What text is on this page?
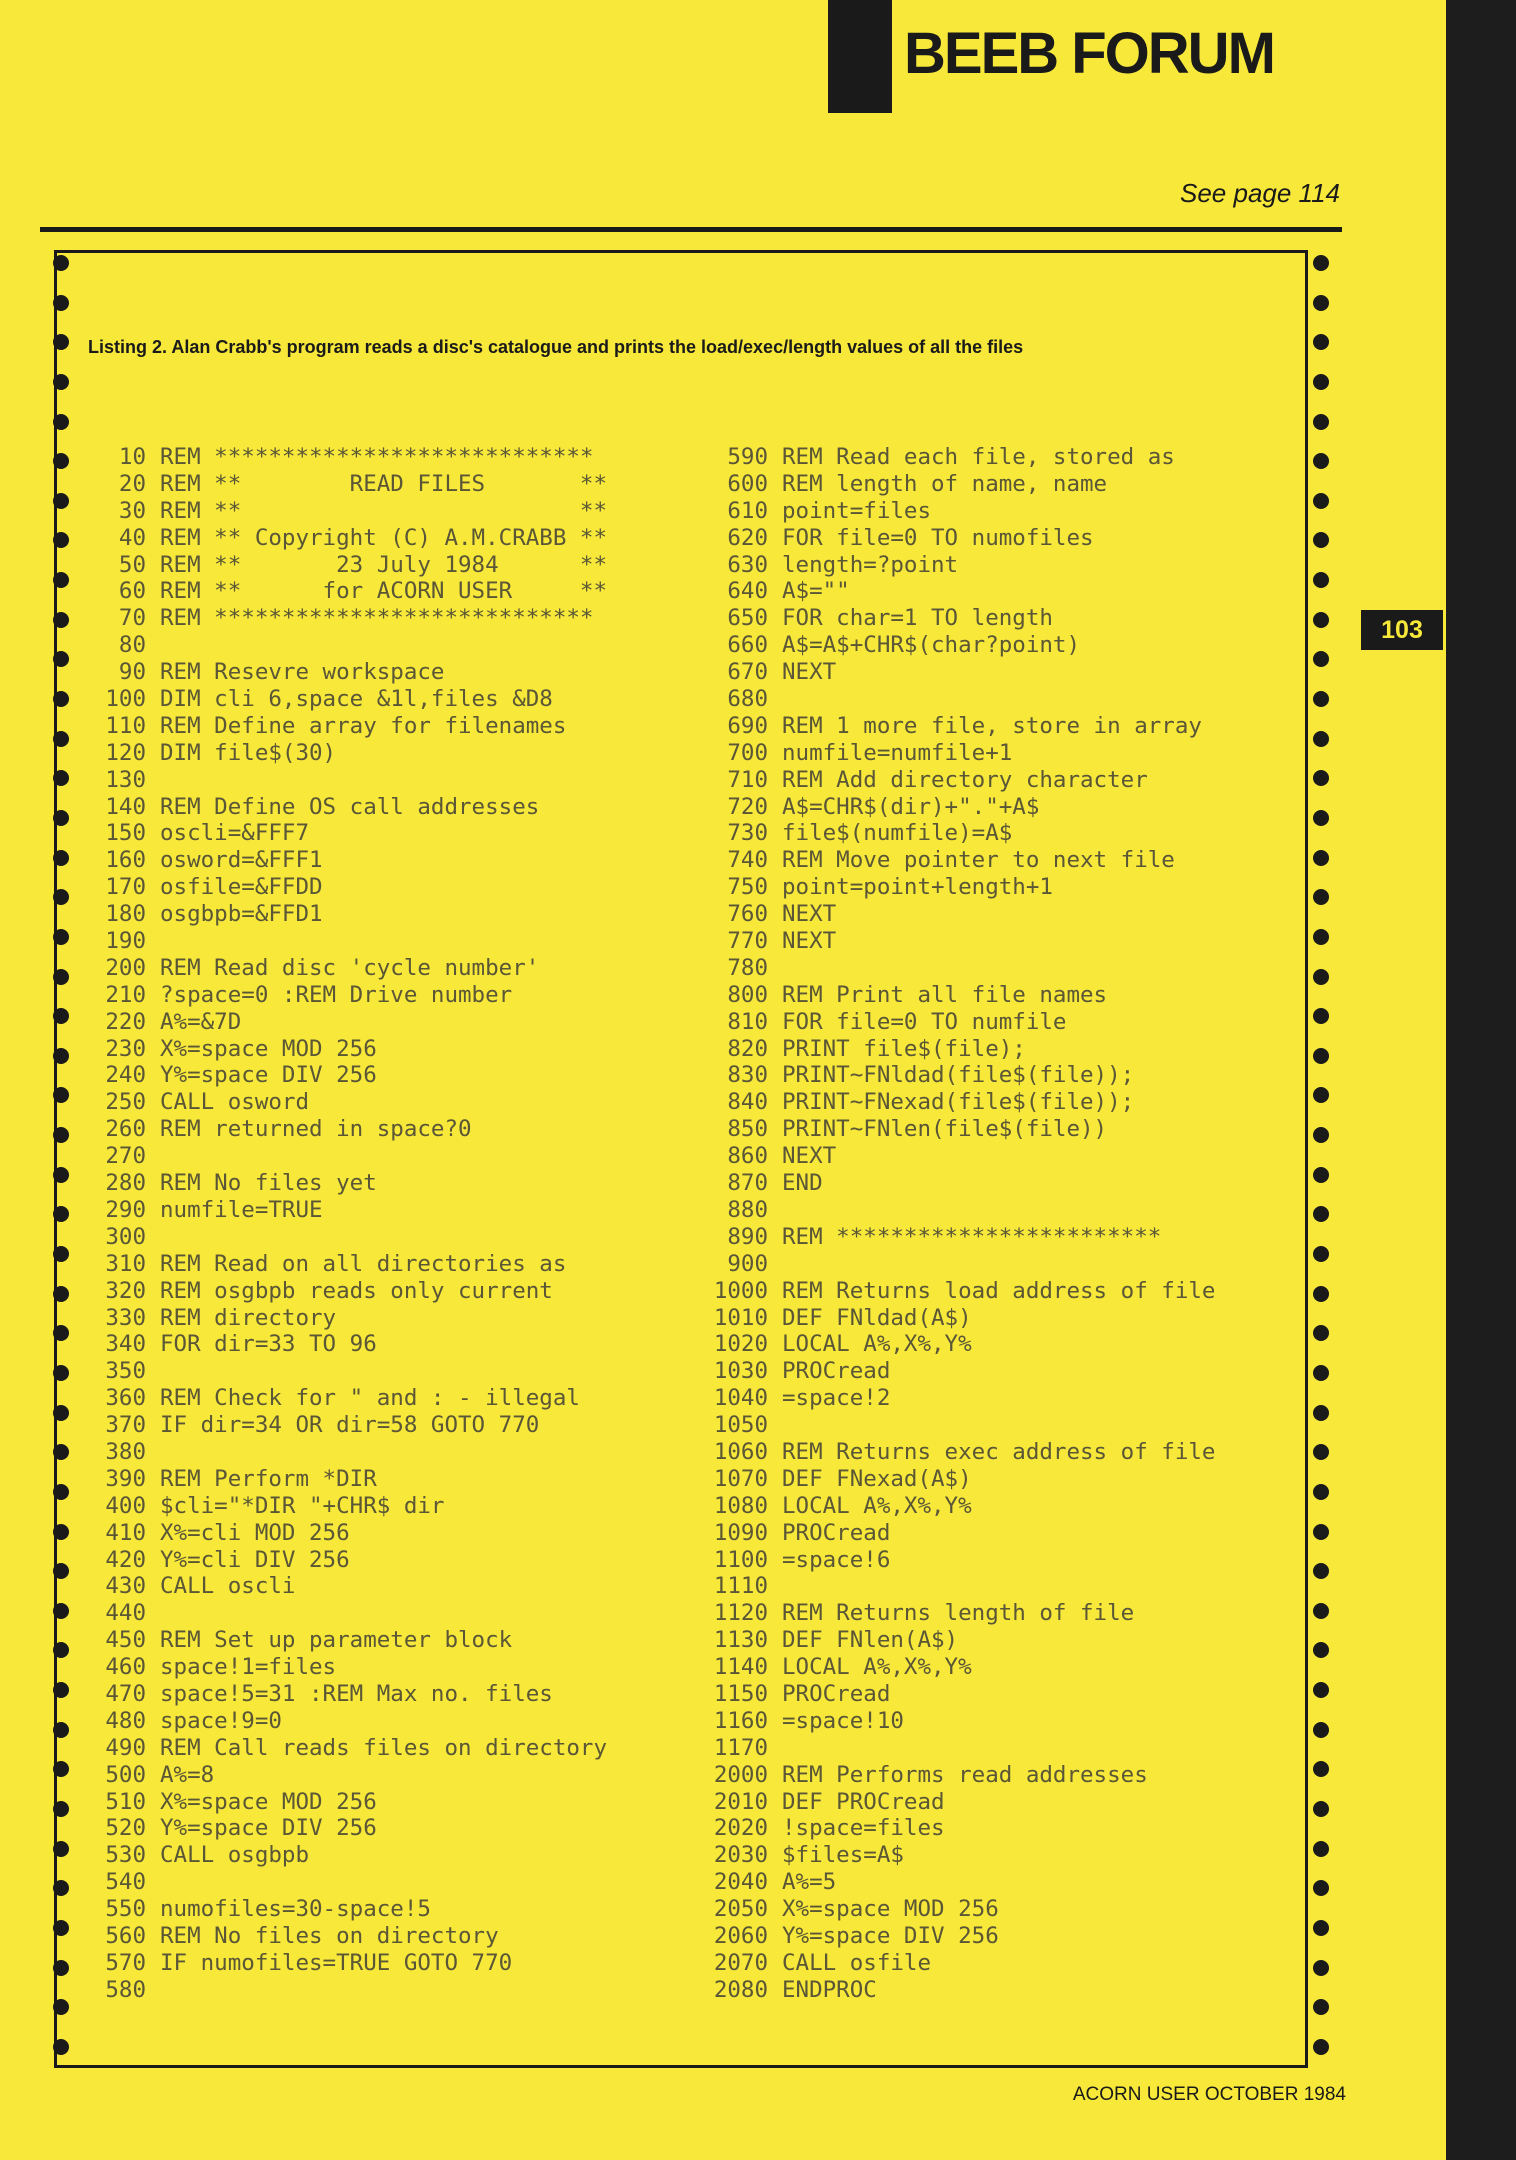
BEEB FORUM
See page 114
103
Listing 2. Alan Crabb's program reads a disc's catalogue and prints the load/exec/length values of all the files
10 REM ****************************
20 REM **        READ FILES       **
30 REM **                         **
40 REM ** Copyright (C) A.M.CRABB **
50 REM **       23 July 1984      **
60 REM **      for ACORN USER     **
70 REM ****************************
80
90 REM Resevre workspace
100 DIM cli 6,space &1l,files &D8
110 REM Define array for filenames
120 DIM file$(30)
130
140 REM Define OS call addresses
150 oscli=&FFF7
160 osword=&FFF1
170 osfile=&FFDD
180 osgbpb=&FFD1
190
200 REM Read disc 'cycle number'
210 ?space=0 :REM Drive number
220 A%=&7D
230 X%=space MOD 256
240 Y%=space DIV 256
250 CALL osword
260 REM returned in space?0
270
280 REM No files yet
290 numfile=TRUE
300
310 REM Read on all directories as
320 REM osgbpb reads only current
330 REM directory
340 FOR dir=33 TO 96
350
360 REM Check for " and : - illegal
370 IF dir=34 OR dir=58 GOTO 770
380
390 REM Perform *DIR
400 $cli="*DIR "+CHR$ dir
410 X%=cli MOD 256
420 Y%=cli DIV 256
430 CALL oscli
440
450 REM Set up parameter block
460 space!1=files
470 space!5=31 :REM Max no. files
480 space!9=0
490 REM Call reads files on directory
500 A%=8
510 X%=space MOD 256
520 Y%=space DIV 256
530 CALL osgbpb
540
550 numofiles=30-space!5
560 REM No files on directory
570 IF numofiles=TRUE GOTO 770
580
590 REM Read each file, stored as
600 REM length of name, name
610 point=files
620 FOR file=0 TO numofiles
630 length=?point
640 A$=""
650 FOR char=1 TO length
660 A$=A$+CHR$(char?point)
670 NEXT
680
690 REM 1 more file, store in array
700 numfile=numfile+1
710 REM Add directory character
720 A$=CHR$(dir)+"."+A$
730 file$(numfile)=A$
740 REM Move pointer to next file
750 point=point+length+1
760 NEXT
770 NEXT
780
800 REM Print all file names
810 FOR file=0 TO numfile
820 PRINT file$(file);
830 PRINT~FNldad(file$(file));
840 PRINT~FNexad(file$(file));
850 PRINT~FNlen(file$(file))
860 NEXT
870 END
880
890 REM ************************
900
1000 REM Returns load address of file
1010 DEF FNldad(A$)
1020 LOCAL A%,X%,Y%
1030 PROCread
1040 =space!2
1050
1060 REM Returns exec address of file
1070 DEF FNexad(A$)
1080 LOCAL A%,X%,Y%
1090 PROCread
1100 =space!6
1110
1120 REM Returns length of file
1130 DEF FNlen(A$)
1140 LOCAL A%,X%,Y%
1150 PROCread
1160 =space!10
1170
2000 REM Performs read addresses
2010 DEF PROCread
2020 !space=files
2030 $files=A$
2040 A%=5
2050 X%=space MOD 256
2060 Y%=space DIV 256
2070 CALL osfile
2080 ENDPROC
ACORN USER OCTOBER 1984
